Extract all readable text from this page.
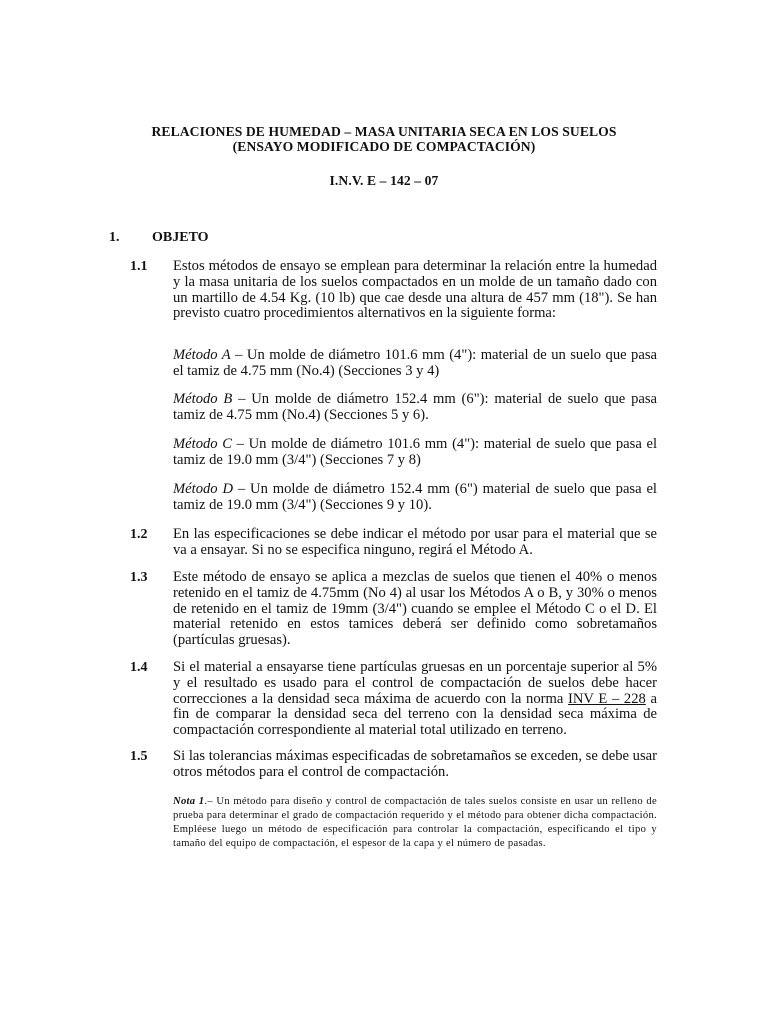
RELACIONES DE HUMEDAD – MASA UNITARIA SECA EN LOS SUELOS
(ENSAYO MODIFICADO DE COMPACTACIÓN)
I.N.V. E – 142 – 07
1. OBJETO
1.1 Estos métodos de ensayo se emplean para determinar la relación entre la humedad y la masa unitaria de los suelos compactados en un molde de un tamaño dado con un martillo de 4.54 Kg. (10 lb) que cae desde una altura de 457 mm (18"). Se han previsto cuatro procedimientos alternativos en la siguiente forma:
Método A – Un molde de diámetro 101.6 mm (4"): material de un suelo que pasa el tamiz de 4.75 mm (No.4) (Secciones 3 y 4)
Método B – Un molde de diámetro 152.4 mm (6"): material de suelo que pasa tamiz de 4.75 mm (No.4) (Secciones 5 y 6).
Método C – Un molde de diámetro 101.6 mm (4"): material de suelo que pasa el tamiz de 19.0 mm (3/4") (Secciones 7 y 8)
Método D – Un molde de diámetro 152.4 mm (6") material de suelo que pasa el tamiz de 19.0 mm (3/4") (Secciones 9 y 10).
1.2 En las especificaciones se debe indicar el método por usar para el material que se va a ensayar. Si no se especifica ninguno, regirá el Método A.
1.3 Este método de ensayo se aplica a mezclas de suelos que tienen el 40% o menos retenido en el tamiz de 4.75mm (No 4) al usar los Métodos A o B, y 30% o menos de retenido en el tamiz de 19mm (3/4") cuando se emplee el Método C o el D. El material retenido en estos tamices deberá ser definido como sobretamaños (partículas gruesas).
1.4 Si el material a ensayarse tiene partículas gruesas en un porcentaje superior al 5% y el resultado es usado para el control de compactación de suelos debe hacer correcciones a la densidad seca máxima de acuerdo con la norma INV E – 228 a fin de comparar la densidad seca del terreno con la densidad seca máxima de compactación correspondiente al material total utilizado en terreno.
1.5 Si las tolerancias máximas especificadas de sobretamaños se exceden, se debe usar otros métodos para el control de compactación.
Nota 1.– Un método para diseño y control de compactación de tales suelos consiste en usar un relleno de prueba para determinar el grado de compactación requerido y el método para obtener dicha compactación. Empléese luego un método de especificación para controlar la compactación, especificando el tipo y tamaño del equipo de compactación, el espesor de la capa y el número de pasadas.
